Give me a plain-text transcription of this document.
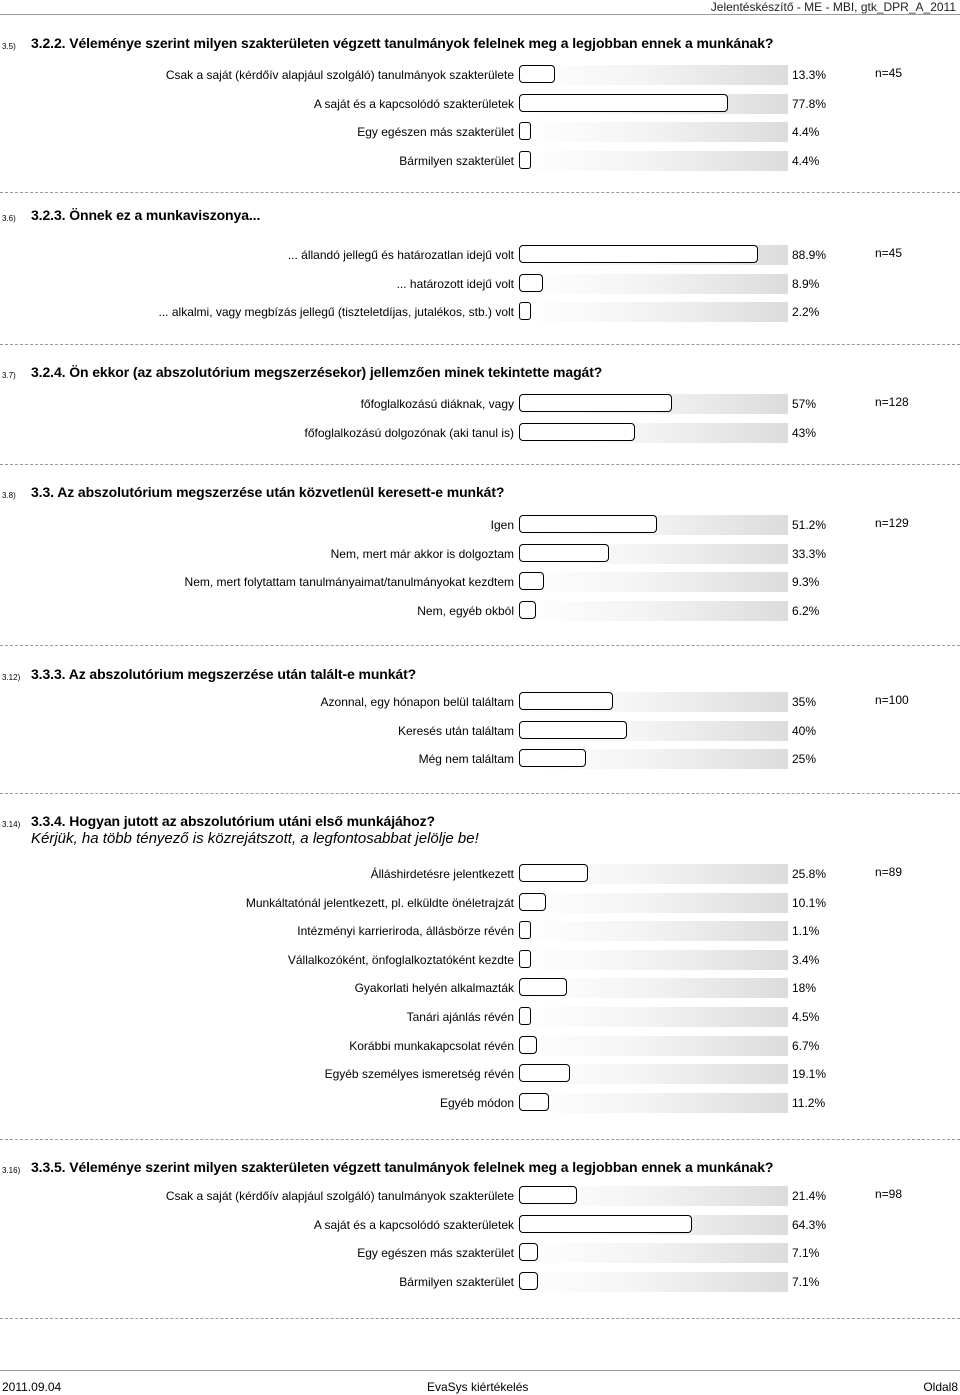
Jelentéskészítő - ME - MBI, gtk_DPR_A_2011
3.5) 3.2.2. Véleménye szerint milyen szakterületen végzett tanulmányok felelnek meg a legjobban ennek a munkának?
n=45
Csak a saját (kérdőív alapjául szolgáló) tanulmányok szakterülete	13.3%
A saját és a kapcsolódó szakterületek	77.8%
Egy egészen más szakterület	4.4%
Bármilyen szakterület	4.4%
3.6) 3.2.3. Önnek ez a munkaviszonya...
n=45
... állandó jellegű és határozatlan idejű volt	88.9%
... határozott idejű volt	8.9%
... alkalmi, vagy megbízás jellegű (tiszteletdíjas, jutalékos, stb.) volt	2.2%
3.7) 3.2.4. Ön ekkor (az abszolutórium megszerzésekor) jellemzően minek tekintette magát?
n=128
főfoglalkozású diáknak, vagy	57%
főfoglalkozású dolgozónak (aki tanul is)	43%
3.8) 3.3. Az abszolutórium megszerzése után közvetlenül keresett-e munkát?
n=129
Igen	51.2%
Nem, mert már akkor is dolgoztam	33.3%
Nem, mert folytattam tanulmányaimat/tanulmányokat kezdtem	9.3%
Nem, egyéb okból	6.2%
3.12) 3.3.3. Az abszolutórium megszerzése után talált-e munkát?
n=100
Azonnal, egy hónapon belül találtam	35%
Keresés után találtam	40%
Még nem találtam	25%
3.14) 3.3.4. Hogyan jutott az abszolutórium utáni első munkájához?
Kérjük, ha több tényező is közrejátszott, a legfontosabbat jelölje be!
n=89
Álláshirdetésre jelentkezett	25.8%
Munkáltatónál jelentkezett, pl. elküldte önéletrajzát	10.1%
Intézményi karrieriroda, állásbörze révén	1.1%
Vállalkozóként, önfoglalkoztatóként kezdte	3.4%
Gyakorlati helyén alkalmazták	18%
Tanári ajánlás révén	4.5%
Korábbi munkakapcsolat révén	6.7%
Egyéb személyes ismeretség révén	19.1%
Egyéb módon	11.2%
3.16) 3.3.5. Véleménye szerint milyen szakterületen végzett tanulmányok felelnek meg a legjobban ennek a munkának?
n=98
Csak a saját (kérdőív alapjául szolgáló) tanulmányok szakterülete	21.4%
A saját és a kapcsolódó szakterületek	64.3%
Egy egészen más szakterület	7.1%
Bármilyen szakterület	7.1%
2011.09.04	EvaSys kiértékelés	Oldal8
